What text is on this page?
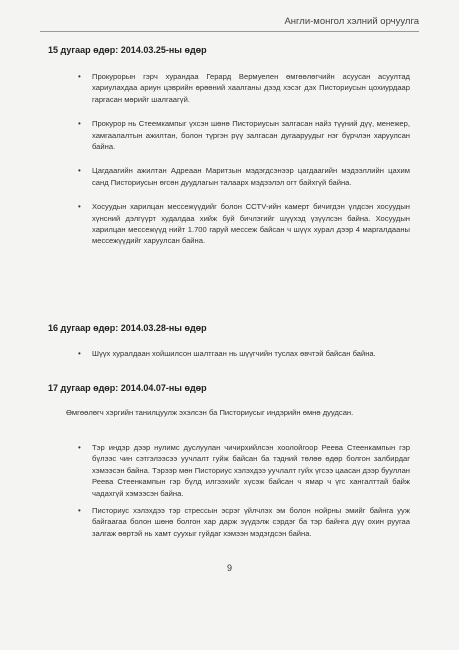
Англи-монгол хэлний орчуулга
15 дугаар өдөр: 2014.03.25-ны өдөр
• Прокурорын гэрч хурандаа Герард Вермуелен өмгөөлөгчийн асуусан асуултад хариулахдаа ариун цэврийн өрөөний хаалганы дээд хэсэг дэх Писториусын цохиурдаар гаргасан мөрийг шалгаагүй.
• Прокурор нь Стеемкампыг үхсэн шөнө Писториусын залгасан найз түүний дүү, менежер, хамгаалалтын ажилтан, болон түргэн рүү залгасан дугааруудыг нэг бүрчлэн харуулсан байна.
• Цагдаагийн ажилтан Адреаан Маритзын мэдэгдсэнээр цагдаагийн мэдээллийн цахим санд Писториусын өгсөн дуудлагын талаарх мэдээлэл огт байхгүй байна.
• Хосуудын харилцан мессежүүдийг болон CCTV-ийн камерт бичигдэн үлдсэн хосуудын хүнсний дэлгүүрт худалдаа хийж буй бичлэгийг шүүхэд үзүүлсэн байна. Хосуудын харилцан мессежүүд нийт 1.700 гаруй мессеж байсан ч шүүх хурал дээр 4 маргалдааны мессежүүдийг харуулсан байна.
16 дугаар өдөр: 2014.03.28-ны өдөр
• Шүүх хуралдаан хойшилсон шалтгаан нь шүүгчийн туслах өвчтэй байсан байна.
17 дугаар өдөр: 2014.04.07-ны өдөр
Өмгөөлөгч хэргийн танилцуулж эхэлсэн ба Писториусыг индэрийн өмнө дуудсан.
• Тэр индэр дээр нулимс дуслуулан чичирхийлсэн хоолойгоор Реева Стеенкампын гэр бүлээс чин сэтгэлээсээ уучлалт гуйж байсан ба тэдний төлөө өдөр болгон залбирдаг хэмээсэн байна. Тэрээр мөн Писториус хэлэхдээ уучлалт гуйх үгсээ цаасан дээр бууллан Реева Стеенкампын гэр бүлд илгээхийг хүсэж байсан ч ямар ч үгс хангалттай байж чадахгүй хэмээсэн байна.
• Писториус хэлэхдээ тэр стрессын эсрэг үйлчлэх эм болон нойрны эмийг байнга ууж байгаагаа болон шөнө болгон хар дарж зүүдэлж сэрдэг ба тэр байнга дүү охин руугаа залгаж өөртэй нь хамт суухыг гуйдаг хэмээн мэдэгдсэн байна.
9
